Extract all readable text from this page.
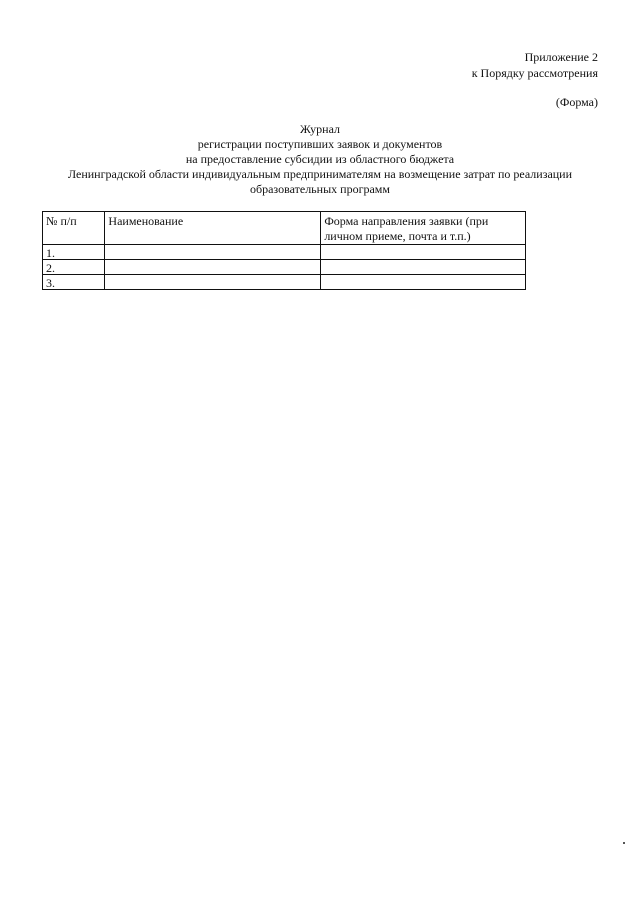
Приложение 2
к Порядку рассмотрения
(Форма)
Журнал
регистрации поступивших заявок и документов
на предоставление субсидии из областного бюджета
Ленинградской области индивидуальным предпринимателям на возмещение затрат по реализации
образовательных программ
№ п/п	Наименование	Форма направления заявки (при личном приеме, почта и т.п.)
1.		
2.		
3.		
